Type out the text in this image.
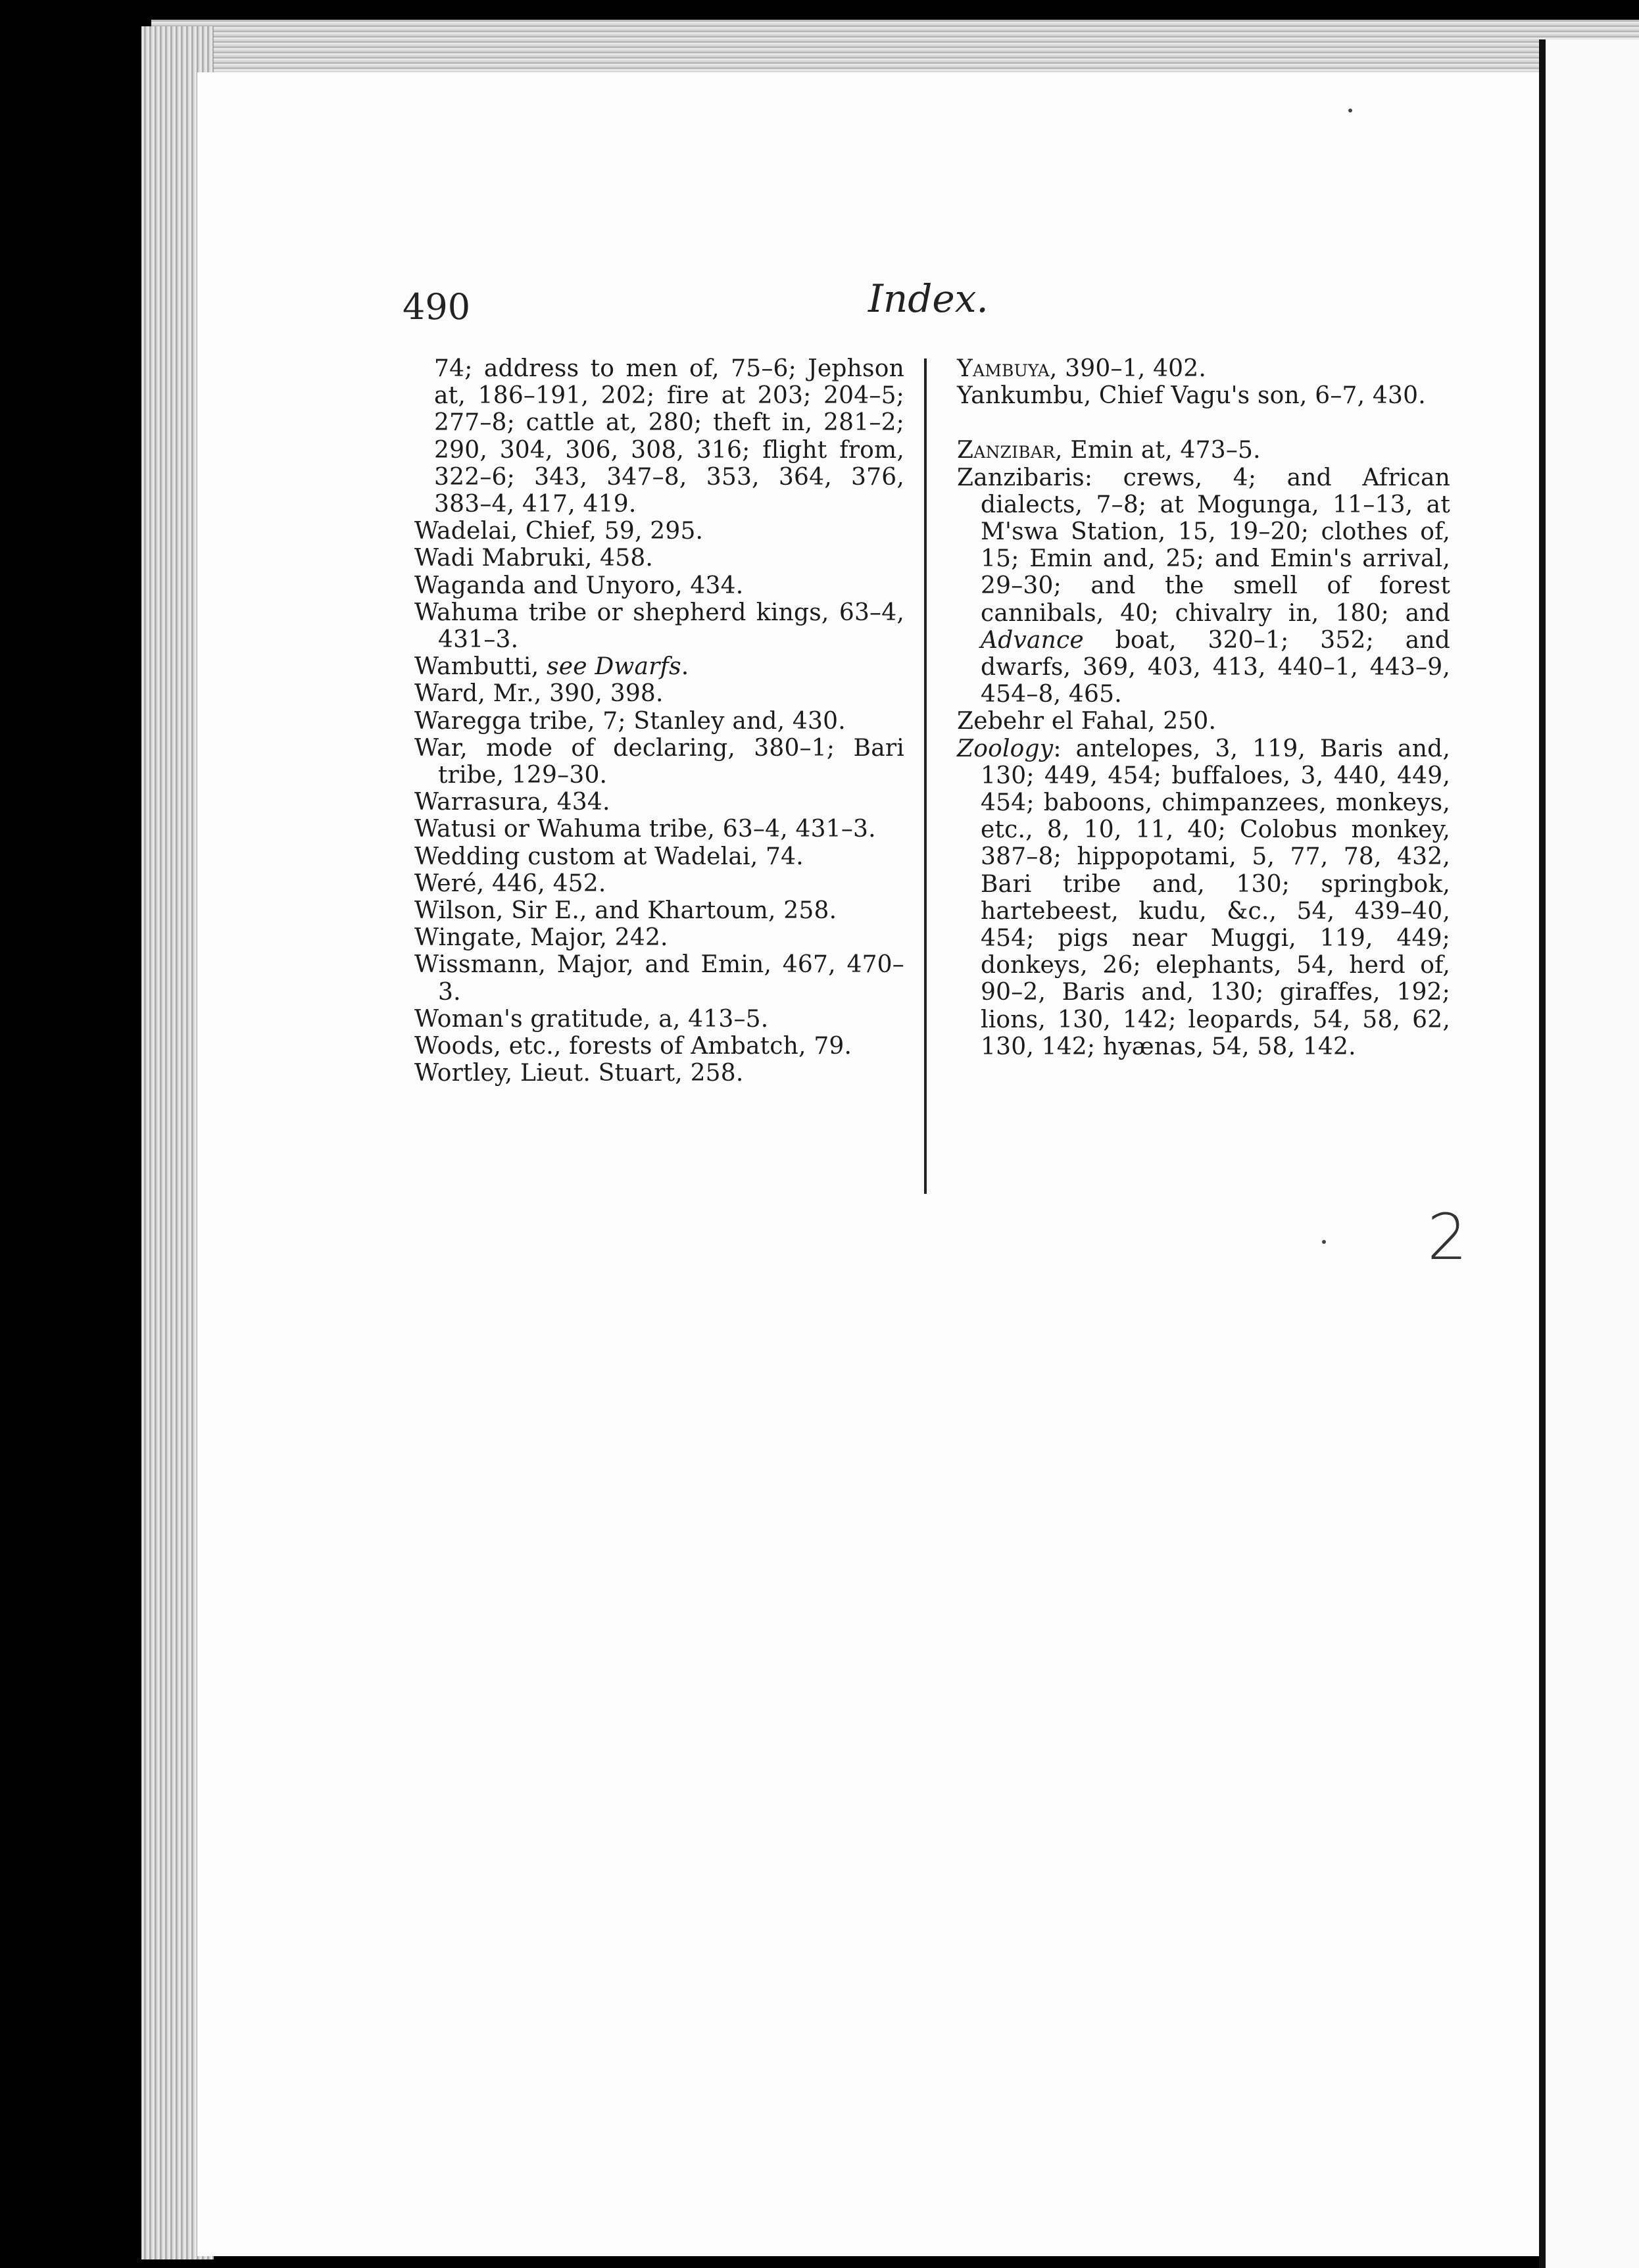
490	Index.

74; address to men of, 75–6; Jephson at, 186–191, 202; fire at 203; 204–5; 277–8; cattle at, 280; theft in, 281–2; 290, 304, 306, 308, 316; flight from, 322–6; 343, 347–8, 353, 364, 376, 383–4, 417, 419.

Wadelai, Chief, 59, 295.

Wadi Mabruki, 458.

Waganda and Unyoro, 434.

Wahuma tribe or shepherd kings, 63–4, 431–3.

Wambutti, see Dwarfs.

Ward, Mr., 390, 398.

Waregga tribe, 7; Stanley and, 430.

War, mode of declaring, 380–1; Bari tribe, 129–30.

Warrasura, 434.

Watusi or Wahuma tribe, 63–4, 431–3.

Wedding custom at Wadelai, 74.

Weré, 446, 452.

Wilson, Sir E., and Khartoum, 258.

Wingate, Major, 242.

Wissmann, Major, and Emin, 467, 470–3.

Woman's gratitude, a, 413–5.

Woods, etc., forests of Ambatch, 79.

Wortley, Lieut. Stuart, 258.

Yambuya, 390–1, 402.

Yankumbu, Chief Vagu's son, 6–7, 430.

Zanzibar, Emin at, 473–5.

Zanzibaris: crews, 4; and African dialects, 7–8; at Mogunga, 11–13, at M'swa Station, 15, 19–20; clothes of, 15; Emin and, 25; and Emin's arrival, 29–30; and the smell of forest cannibals, 40; chivalry in, 180; and Advance boat, 320–1; 352; and dwarfs, 369, 403, 413, 440–1, 443–9, 454–8, 465.

Zebehr el Fahal, 250.

Zoology: antelopes, 3, 119, Baris and, 130; 449, 454; buffaloes, 3, 440, 449, 454; baboons, chimpanzees, monkeys, etc., 8, 10, 11, 40; Colobus monkey, 387–8; hippopotami, 5, 77, 78, 432, Bari tribe and, 130; springbok, hartebeest, kudu, &c., 54, 439–40, 454; pigs near Muggi, 119, 449; donkeys, 26; elephants, 54, herd of, 90–2, Baris and, 130; giraffes, 192; lions, 130, 142; leopards, 54, 58, 62, 130, 142; hyænas, 54, 58, 142.

2
